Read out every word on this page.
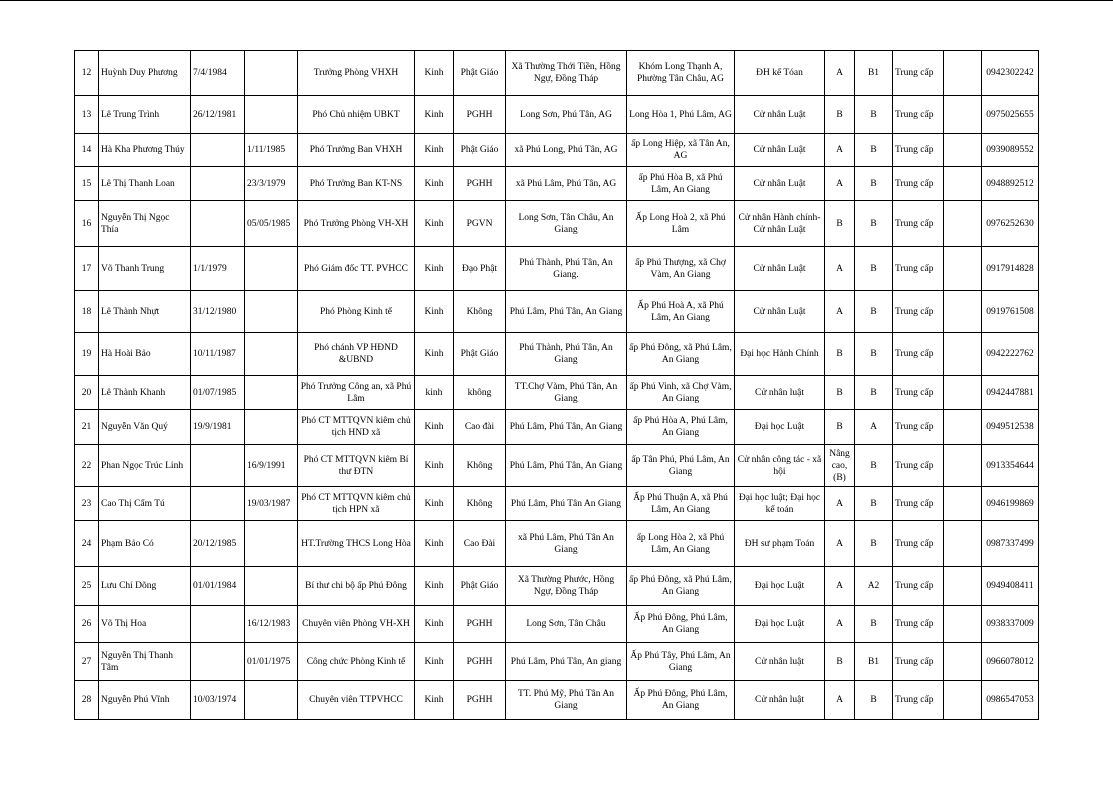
12	Huỳnh Duy Phương	7/4/1984		Trưởng Phòng VHXH	Kinh	Phật Giáo	Xã Thường Thới Tiền, Hồng Ngự, Đồng Tháp	Khóm Long Thạnh A, Phường Tân Châu, AG	ĐH kế Tóan	A	B1	Trung cấp		0942302242
13	Lê Trung Trình	26/12/1981		Phó Chủ nhiệm UBKT	Kinh	PGHH	Long Sơn, Phú Tân, AG	Long Hòa 1, Phú Lâm, AG	Cử nhân Luật	B	B	Trung cấp		0975025655
14	Hà Kha Phương Thúy		1/11/1985	Phó Trưởng Ban VHXH	Kinh	Phật Giáo	xã Phú Long, Phú Tân, AG	ấp Long Hiệp, xã Tân An, AG	Cử nhân Luật	A	B	Trung cấp		0939089552
15	Lê Thị Thanh Loan		23/3/1979	Phó Trưởng Ban KT-NS	Kinh	PGHH	xã Phú Lâm, Phú Tân, AG	ấp Phú Hòa B, xã Phú Lâm, An Giang	Cử nhân Luật	A	B	Trung cấp		0948892512
16	Nguyễn Thị Ngọc Thía		05/05/1985	Phó Trưởng Phòng VH-XH	Kinh	PGVN	Long Sơn, Tân Châu, An Giang	Ấp Long Hoà 2, xã Phú Lâm	Cử nhân Hành chính- Cử nhân Luật	B	B	Trung cấp		0976252630
17	Võ Thanh Trung	1/1/1979		Phó Giám đốc TT. PVHCC	Kinh	Đạo Phật	Phú Thành, Phú Tân, An Giang.	ấp Phú Thượng, xã Chợ Vàm, An Giang	Cử nhân Luật	A	B	Trung cấp		0917914828
18	Lê Thành Nhựt	31/12/1980		Phó Phòng Kinh tế	Kinh	Không	Phú Lâm, Phú Tân, An Giang	Ấp Phú Hoà A, xã Phú Lâm, An Giang	Cử nhân Luật	A	B	Trung cấp		0919761508
19	Hà Hoài Bảo	10/11/1987		Phó chánh VP HĐND &UBND	Kinh	Phật Giáo	Phú Thành, Phú Tân, An Giang	ấp Phú Đông, xã Phú Lâm, An Giang	Đại học Hành Chính	B	B	Trung cấp		0942222762
20	Lê Thành Khanh	01/07/1985		Phó Trưởng Công an, xã Phú Lâm	kinh	không	TT.Chợ Vàm, Phú Tân, An Giang	ấp Phú Vinh, xã Chợ Vàm, An Giang	Cử nhân luật	B	B	Trung cấp		0942447881
21	Nguyễn Văn Quý	19/9/1981		Phó CT MTTQVN kiêm chủ tịch HND xã	Kinh	Cao đài	Phú Lâm, Phú Tân, An Giang	ấp Phú Hòa A, Phú Lâm, An Giang	Đại học Luật	B	A	Trung cấp		0949512538
22	Phan Ngọc Trúc Linh		16/9/1991	Phó CT MTTQVN kiêm Bí thư ĐTN	Kinh	Không	Phú Lâm, Phú Tân, An Giang	ấp Tân Phú, Phú Lâm, An Giang	Cử nhân công tác - xã hội	Nâng cao, (B)	B	Trung cấp		0913354644
23	Cao Thị Cẩm Tú		19/03/1987	Phó CT MTTQVN kiêm chủ tịch HPN xã	Kinh	Không	Phú Lâm, Phú Tân An Giang	Ấp Phú Thuận A, xã Phú Lâm, An Giang	Đại học luật; Đại học kế toán	A	B	Trung cấp		0946199869
24	Phạm Bảo Có	20/12/1985		HT.Trường THCS Long Hòa	Kinh	Cao Đài	xã Phú Lâm, Phú Tân An Giang	ấp Long Hòa 2, xã Phú Lâm, An Giang	ĐH sư phạm Toán	A	B	Trung cấp		0987337499
25	Lưu Chí Dõng	01/01/1984		Bí thư chi bộ ấp Phú Đông	Kinh	Phật Giáo	Xã Thường Phước, Hồng Ngự, Đồng Tháp	ấp Phú Đông, xã Phú Lâm, An Giang	Đại học Luật	A	A2	Trung cấp		0949408411
26	Võ Thị Hoa		16/12/1983	Chuyên viên Phòng VH-XH	Kinh	PGHH	Long Sơn, Tân Châu	Ấp Phú Đông, Phú Lâm, An Giang	Đại học Luật	A	B	Trung cấp		0938337009
27	Nguyễn Thị Thanh Tâm		01/01/1975	Công chức Phòng Kinh tế	Kinh	PGHH	Phú Lâm, Phú Tân, An giang	Ấp Phú Tây, Phú Lâm, An Giang	Cử nhân luật	B	B1	Trung cấp		0966078012
28	Nguyễn Phú Vĩnh	10/03/1974		Chuyên viên TTPVHCC	Kinh	PGHH	TT. Phú Mỹ, Phú Tân An Giang	Ấp Phú Đông, Phú Lâm, An Giang	Cử nhân luật	A	B	Trung cấp		0986547053
